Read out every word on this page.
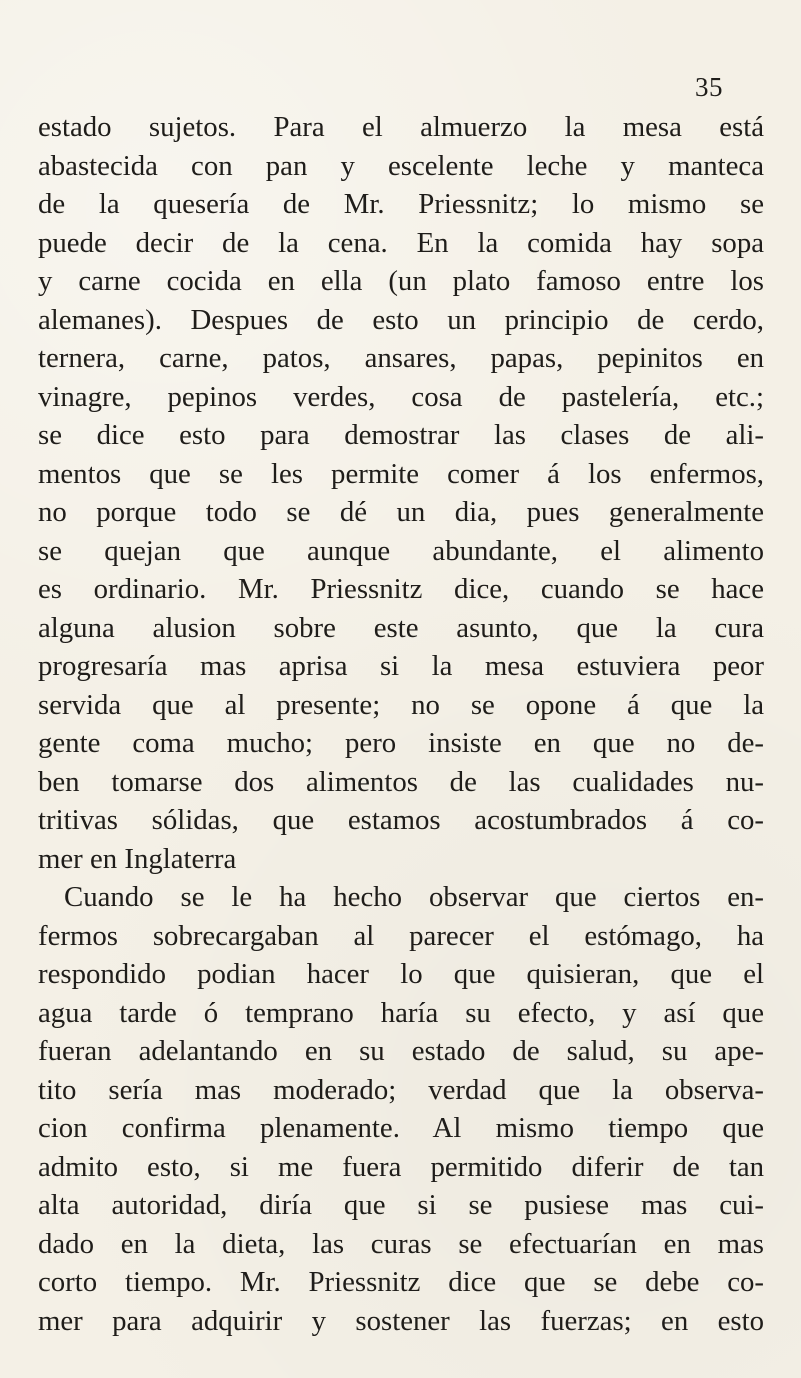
35
estado sujetos. Para el almuerzo la mesa está
abastecida con pan y escelente leche y manteca
de la quesería de Mr. Priessnitz; lo mismo se
puede decir de la cena. En la comida hay sopa
y carne cocida en ella (un plato famoso entre los
alemanes). Despues de esto un principio de cerdo,
ternera, carne, patos, ansares, papas, pepinitos en
vinagre, pepinos verdes, cosa de pastelería, etc.;
se dice esto para demostrar las clases de ali-
mentos que se les permite comer á los enfermos,
no porque todo se dé un dia, pues generalmente
se quejan que aunque abundante, el alimento
es ordinario. Mr. Priessnitz dice, cuando se hace
alguna alusion sobre este asunto, que la cura
progresaría mas aprisa si la mesa estuviera peor
servida que al presente; no se opone á que la
gente coma mucho; pero insiste en que no de-
ben tomarse dos alimentos de las cualidades nu-
tritivas sólidas, que estamos acostumbrados á co-
mer en Inglaterra
Cuando se le ha hecho observar que ciertos en-
fermos sobrecargaban al parecer el estómago, ha
respondido podian hacer lo que quisieran, que el
agua tarde ó temprano haría su efecto, y así que
fueran adelantando en su estado de salud, su ape-
tito sería mas moderado; verdad que la observa-
cion confirma plenamente. Al mismo tiempo que
admito esto, si me fuera permitido diferir de tan
alta autoridad, diría que si se pusiese mas cui-
dado en la dieta, las curas se efectuarían en mas
corto tiempo. Mr. Priessnitz dice que se debe co-
mer para adquirir y sostener las fuerzas; en esto
